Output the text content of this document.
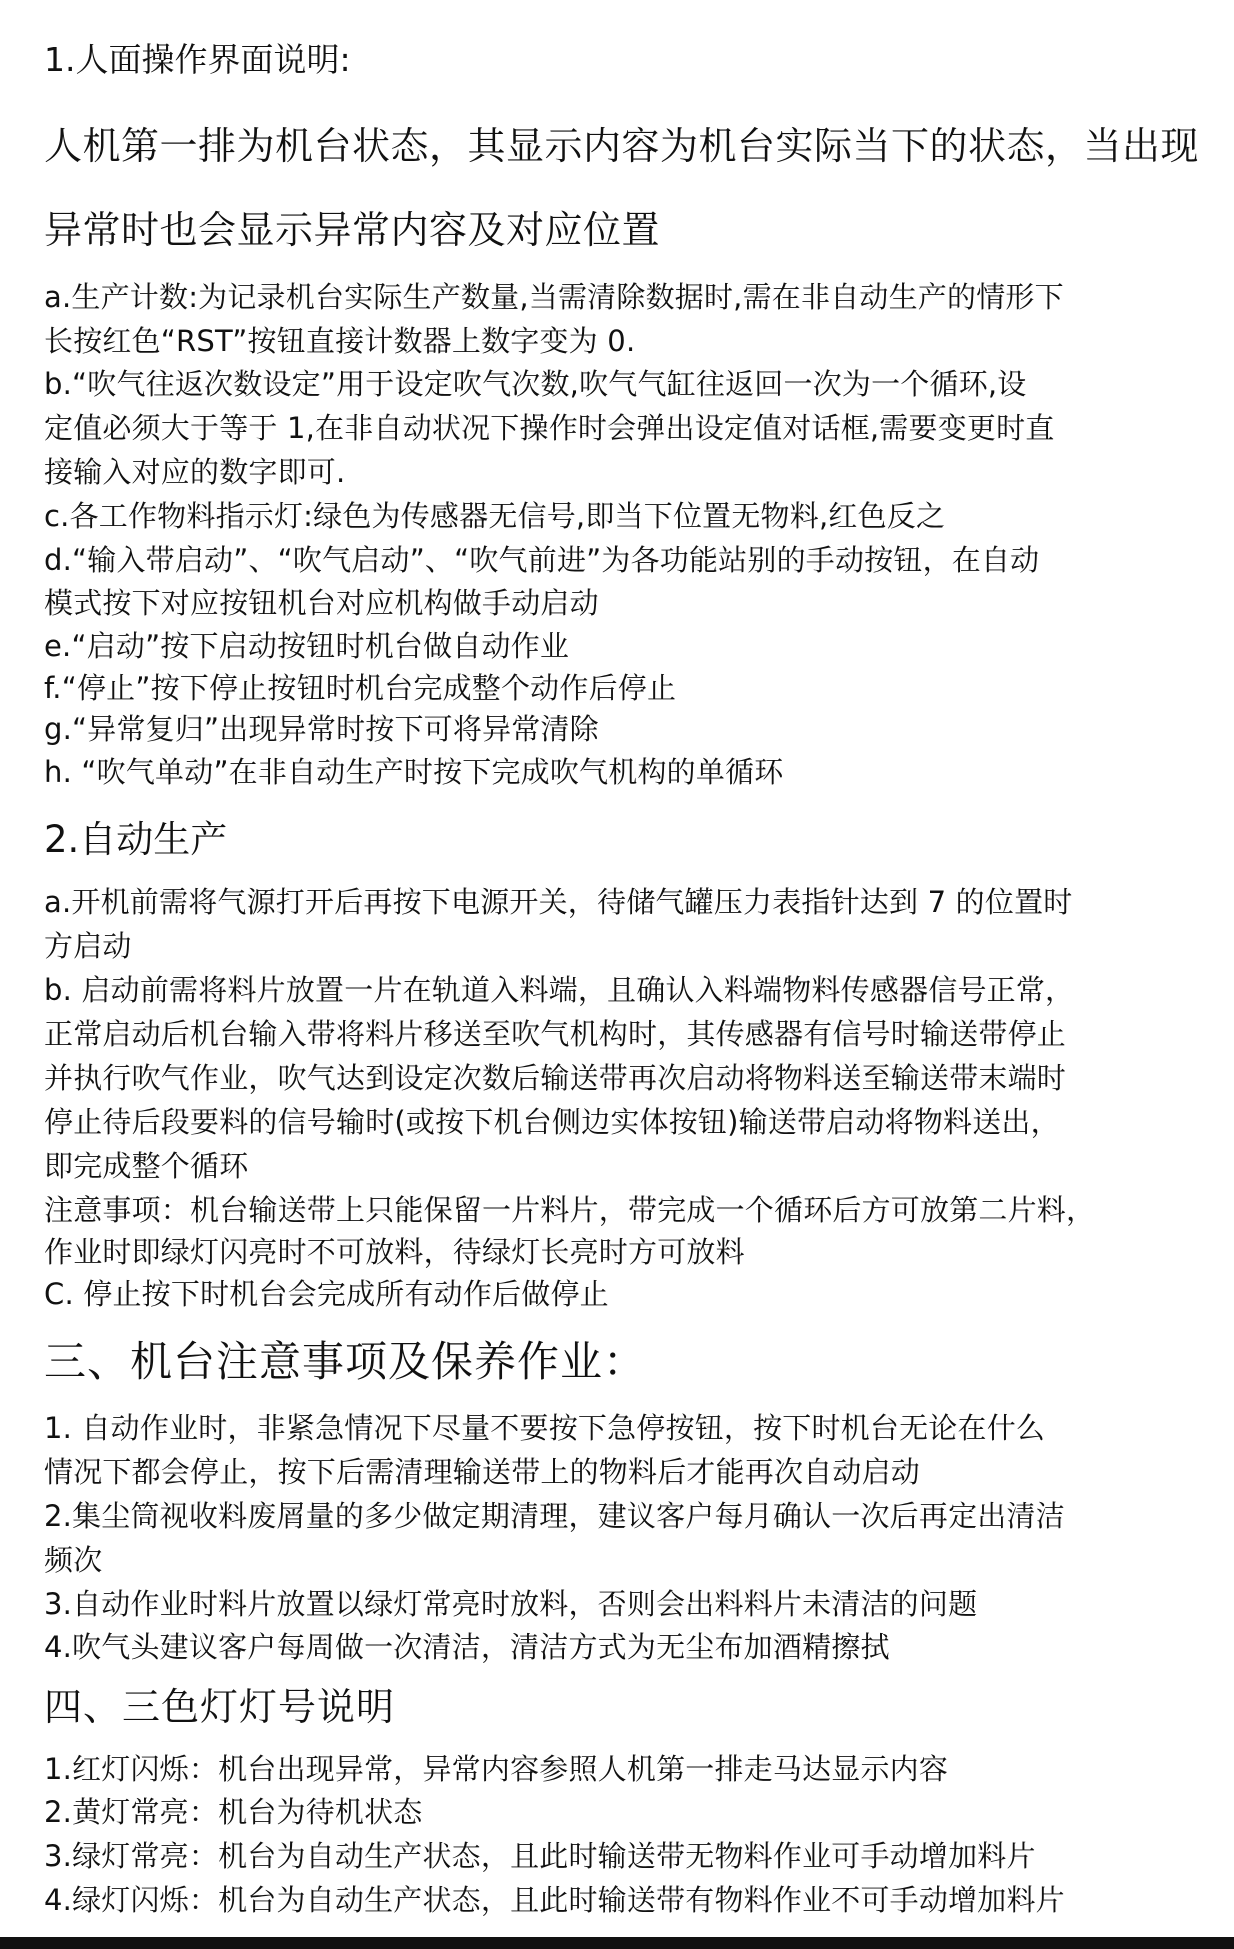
1.人面操作界面说明:

人机第一排为机台状态，其显示内容为机台实际当下的状态，当出现

异常时也会显示异常内容及对应位置

a.生产计数:为记录机台实际生产数量,当需清除数据时,需在非自动生产的情形下

长按红色“RST”按钮直接计数器上数字变为 0.

b.“吹气往返次数设定”用于设定吹气次数,吹气气缸往返回一次为一个循环,设

定值必须大于等于 1,在非自动状况下操作时会弹出设定值对话框,需要变更时直

接输入对应的数字即可.

c.各工作物料指示灯:绿色为传感器无信号,即当下位置无物料,红色反之

d.“输入带启动”、“吹气启动”、“吹气前进”为各功能站别的手动按钮，在自动

模式按下对应按钮机台对应机构做手动启动

e.“启动”按下启动按钮时机台做自动作业

f.“停止”按下停止按钮时机台完成整个动作后停止

g.“异常复归”出现异常时按下可将异常清除

h. “吹气单动”在非自动生产时按下完成吹气机构的单循环

2.自动生产

a.开机前需将气源打开后再按下电源开关，待储气罐压力表指针达到 7 的位置时

方启动

b. 启动前需将料片放置一片在轨道入料端，且确认入料端物料传感器信号正常，

正常启动后机台输入带将料片移送至吹气机构时，其传感器有信号时输送带停止

并执行吹气作业，吹气达到设定次数后输送带再次启动将物料送至输送带末端时

停止待后段要料的信号输时(或按下机台侧边实体按钮)输送带启动将物料送出，

即完成整个循环

注意事项：机台输送带上只能保留一片料片，带完成一个循环后方可放第二片料，

作业时即绿灯闪亮时不可放料，待绿灯长亮时方可放料

C. 停止按下时机台会完成所有动作后做停止

三、机台注意事项及保养作业：

1. 自动作业时，非紧急情况下尽量不要按下急停按钮，按下时机台无论在什么

情况下都会停止，按下后需清理输送带上的物料后才能再次自动启动

2.集尘筒视收料废屑量的多少做定期清理，建议客户每月确认一次后再定出清洁

频次

3.自动作业时料片放置以绿灯常亮时放料，否则会出料料片未清洁的问题

4.吹气头建议客户每周做一次清洁，清洁方式为无尘布加酒精擦拭

四、三色灯灯号说明

1.红灯闪烁：机台出现异常，异常内容参照人机第一排走马达显示内容

2.黄灯常亮：机台为待机状态

3.绿灯常亮：机台为自动生产状态，且此时输送带无物料作业可手动增加料片

4.绿灯闪烁：机台为自动生产状态，且此时输送带有物料作业不可手动增加料片
